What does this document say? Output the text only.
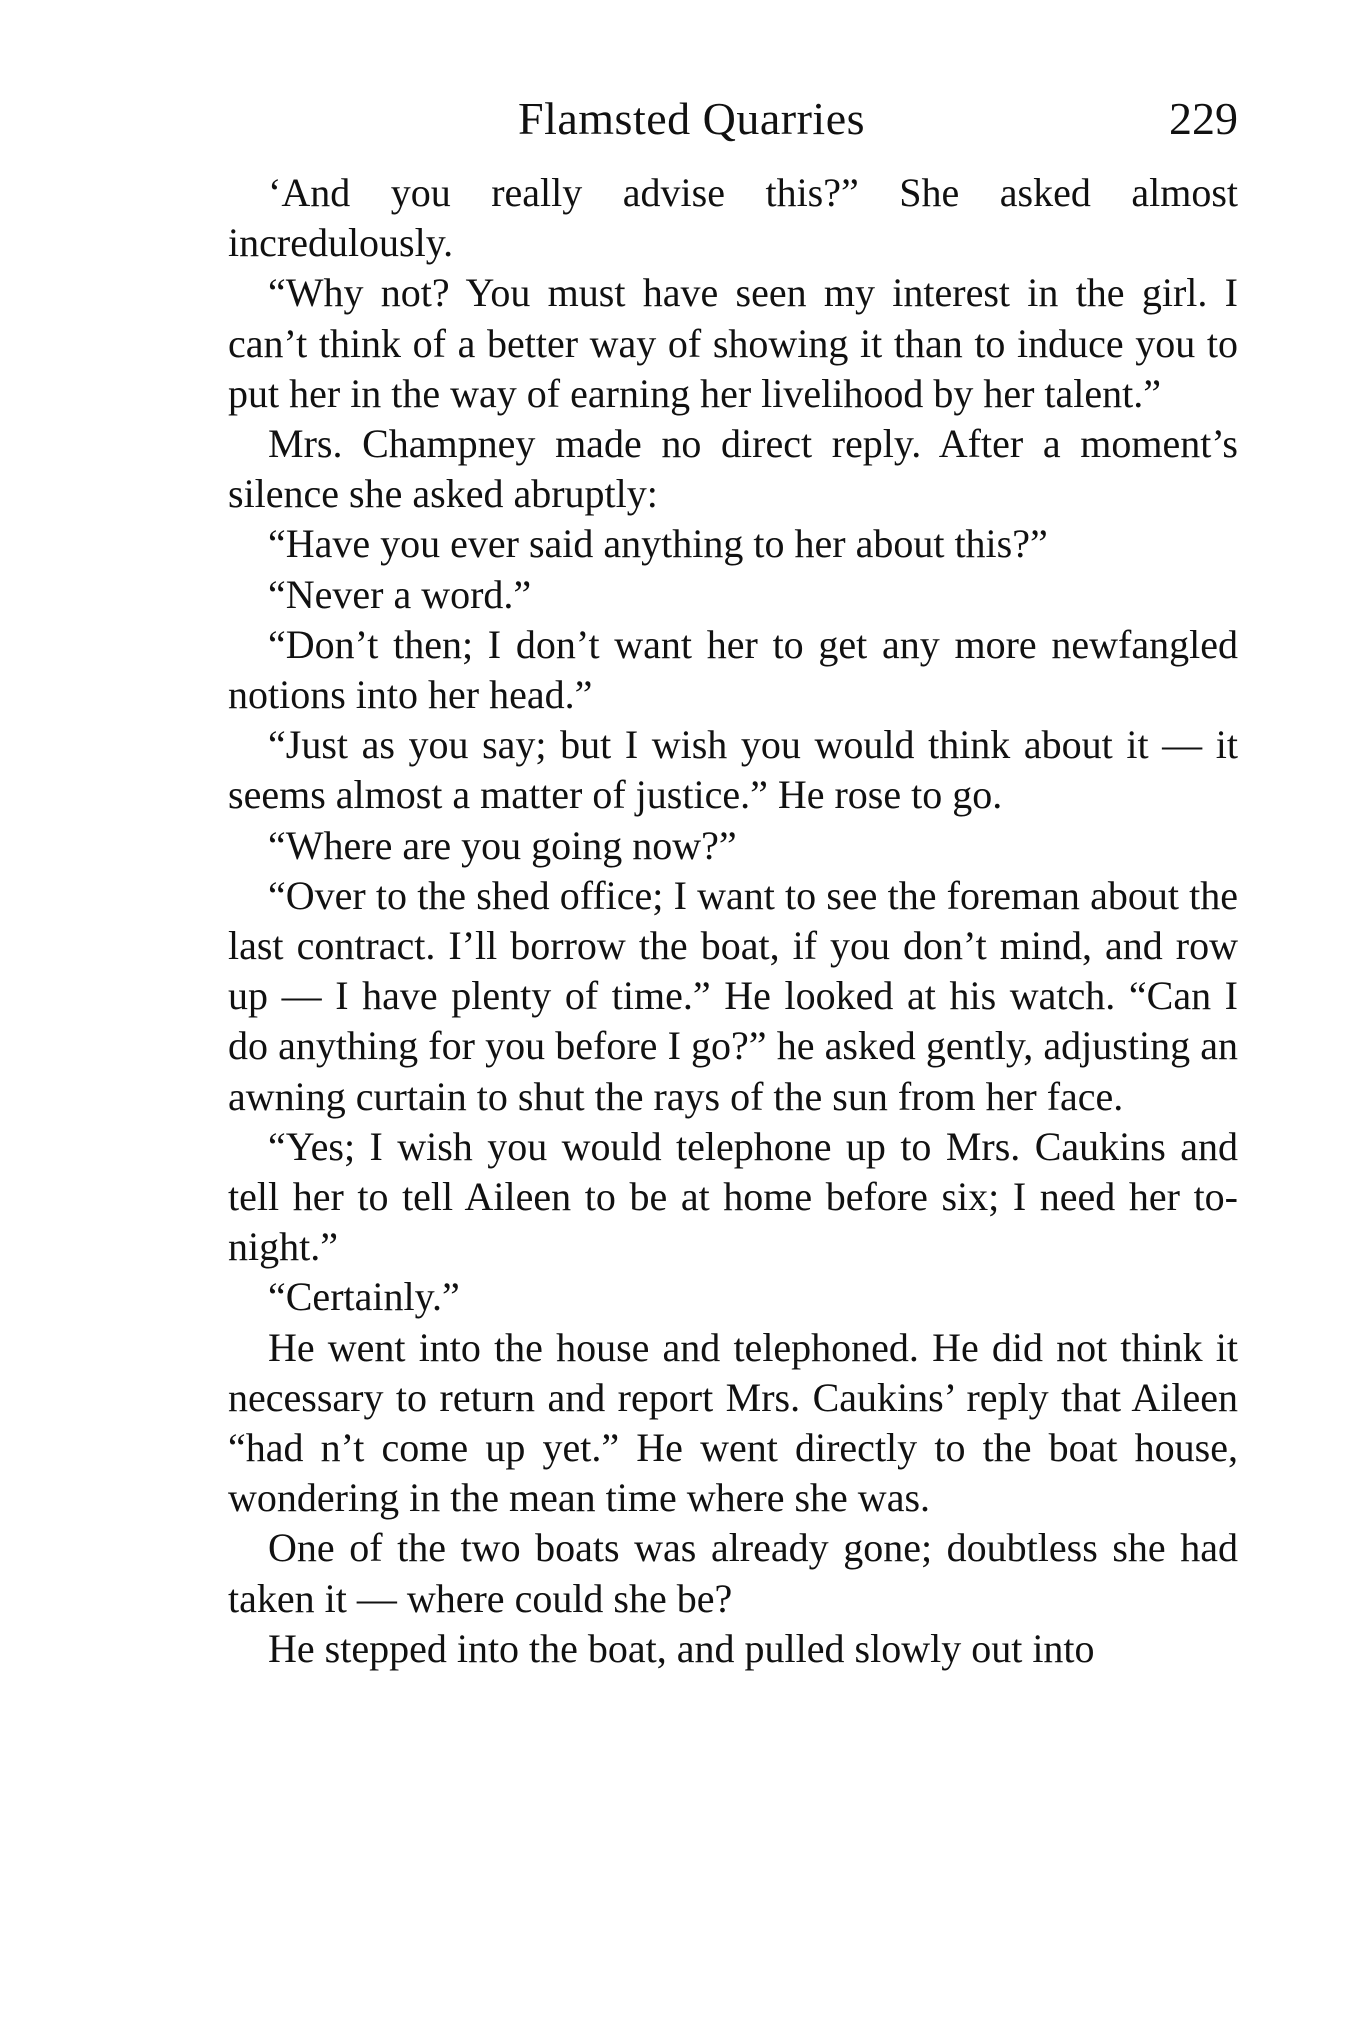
Flamsted Quarries	229

‘And you really advise this?” She asked almost incredulously.

“Why not? You must have seen my interest in the girl. I can’t think of a better way of showing it than to induce you to put her in the way of earning her livelihood by her talent.”

Mrs. Champney made no direct reply. After a moment’s silence she asked abruptly:

“Have you ever said anything to her about this?”

“Never a word.”

“Don’t then; I don’t want her to get any more newfangled notions into her head.”

“Just as you say; but I wish you would think about it — it seems almost a matter of justice.” He rose to go.

“Where are you going now?”

“Over to the shed office; I want to see the foreman about the last contract. I’ll borrow the boat, if you don’t mind, and row up — I have plenty of time.” He looked at his watch. “Can I do anything for you before I go?” he asked gently, adjusting an awning curtain to shut the rays of the sun from her face.

“Yes; I wish you would telephone up to Mrs. Caukins and tell her to tell Aileen to be at home before six; I need her to-night.”

“Certainly.”

He went into the house and telephoned. He did not think it necessary to return and report Mrs. Caukins’ reply that Aileen “had n’t come up yet.” He went directly to the boat house, wondering in the mean time where she was.

One of the two boats was already gone; doubtless she had taken it — where could she be?

He stepped into the boat, and pulled slowly out into
